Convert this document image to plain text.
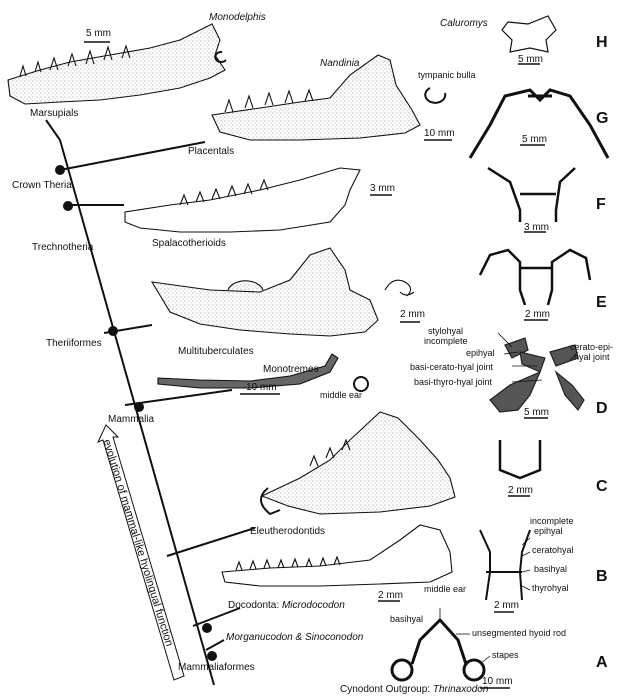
Monodelphis
Marsupials
Nandinia
tympanic bulla
Placentals
Crown Theria
Spalacotherioids
Trechnotheria
Theriiformes
Multituberculates
Monotremes
middle ear
Mammalia
Eleutherodontids
Docodonta: Microdocodon
middle ear
Morganucodon & Sinoconodon
Mammaliaformes
Cynodont Outgroup: Thrinaxodon
Caluromys
stylohyal
incomplete
epihyal
basi-cerato-hyal joint
basi-thyro-hyal joint
cerato-epi-
hyal joint
incomplete
epihyal
ceratohyal
basihyal
thyrohyal
basihyal
unsegmented hyoid rod
stapes
5 mm
10 mm
3 mm
2 mm
10 mm
2 mm
10 mm
5 mm
5 mm
3 mm
2 mm
5 mm
2 mm
2 mm
H
G
F
E
D
C
B
A
evolution of mammal-like hyolingual function
